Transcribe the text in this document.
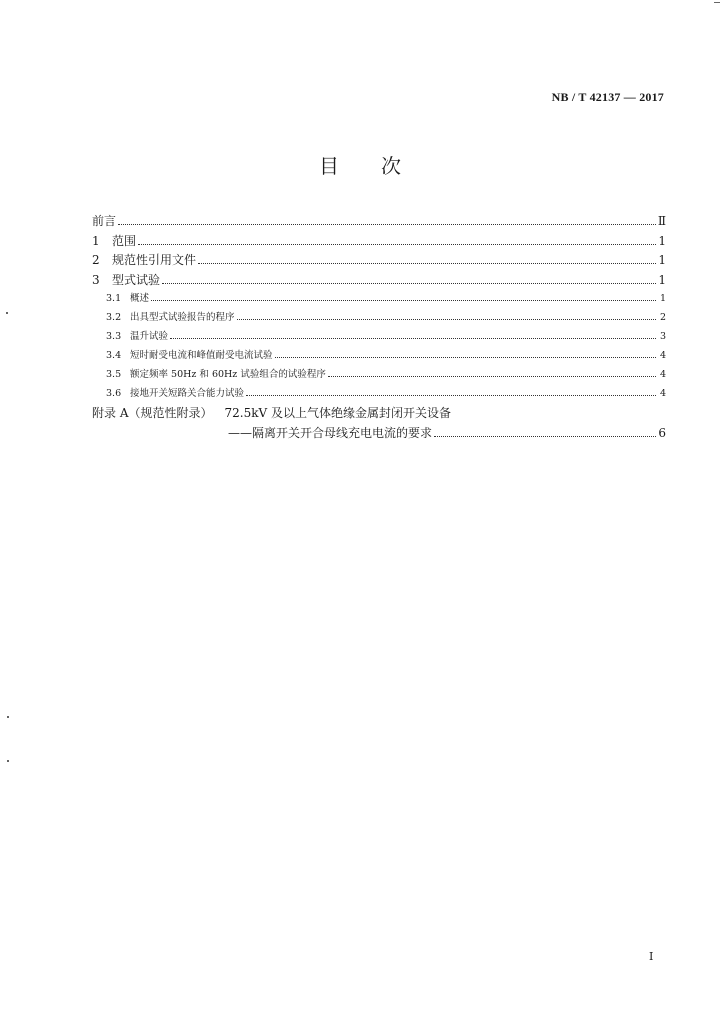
NB / T 42137 — 2017
目次
前言	Ⅱ
1	范围	1
2	规范性引用文件	1
3	型式试验	1
3.1 概述	1
3.2 出具型式试验报告的程序	2
3.3 温升试验	3
3.4 短时耐受电流和峰值耐受电流试验	4
3.5 额定频率 50Hz 和 60Hz 试验组合的试验程序	4
3.6 接地开关短路关合能力试验	4
附录 A（规范性附录） 72.5kV 及以上气体绝缘金属封闭开关设备
——隔离开关开合母线充电电流的要求	6
I
